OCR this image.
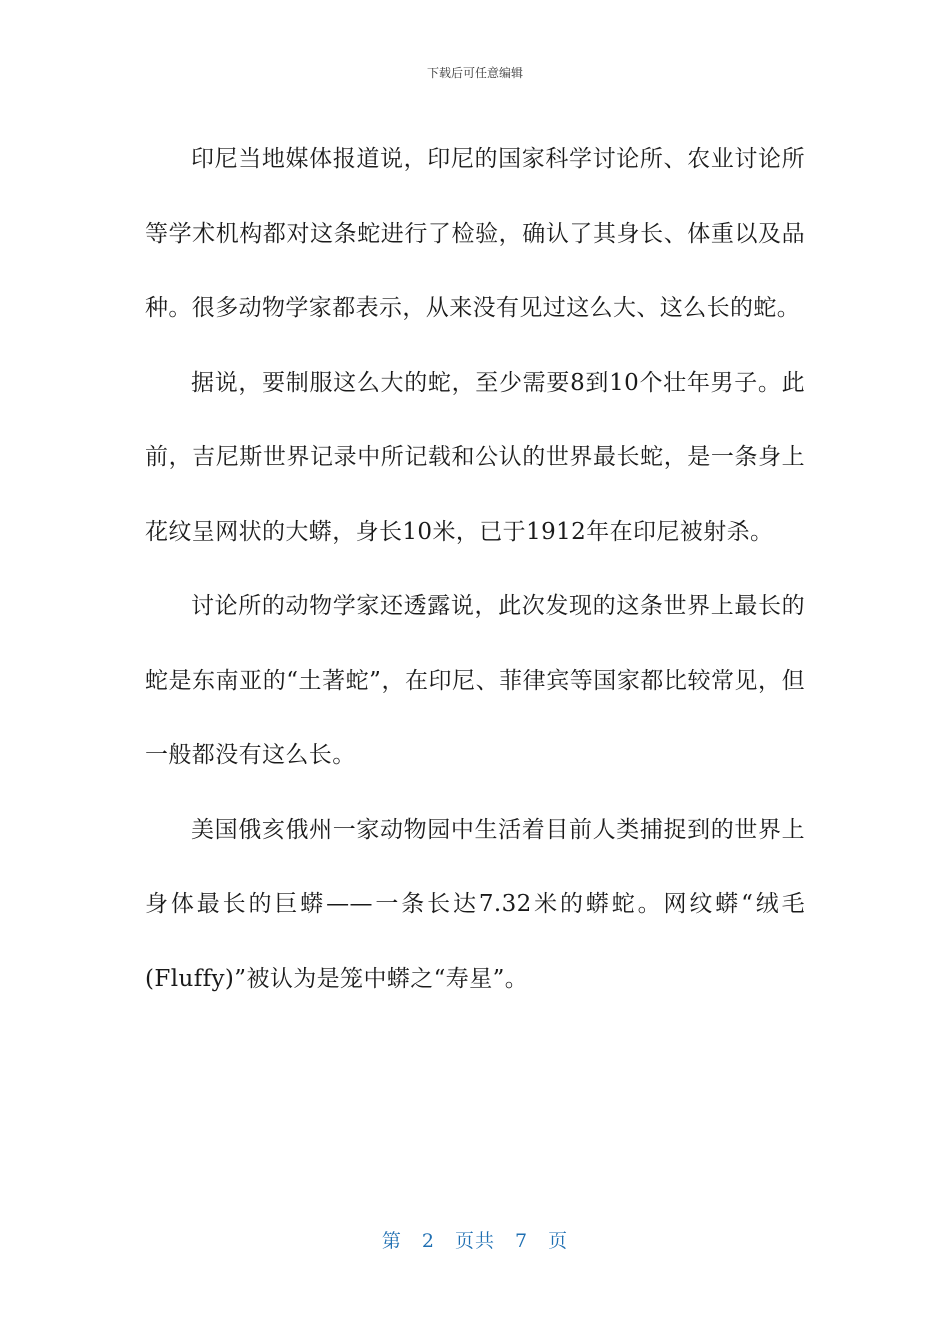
下载后可任意编辑

印尼当地媒体报道说，印尼的国家科学讨论所、农业讨论所等学术机构都对这条蛇进行了检验，确认了其身长、体重以及品种。很多动物学家都表示，从来没有见过这么大、这么长的蛇。

据说，要制服这么大的蛇，至少需要8到10个壮年男子。此前，吉尼斯世界记录中所记载和公认的世界最长蛇，是一条身上花纹呈网状的大蟒，身长10米，已于1912年在印尼被射杀。

讨论所的动物学家还透露说，此次发现的这条世界上最长的蛇是东南亚的“土著蛇”，在印尼、菲律宾等国家都比较常见，但一般都没有这么长。

美国俄亥俄州一家动物园中生活着目前人类捕捉到的世界上身体最长的巨蟒——一条长达7.32米的蟒蛇。网纹蟒“绒毛(Fluffy)”被认为是笼中蟒之“寿星”。

第 2 页共 7 页
